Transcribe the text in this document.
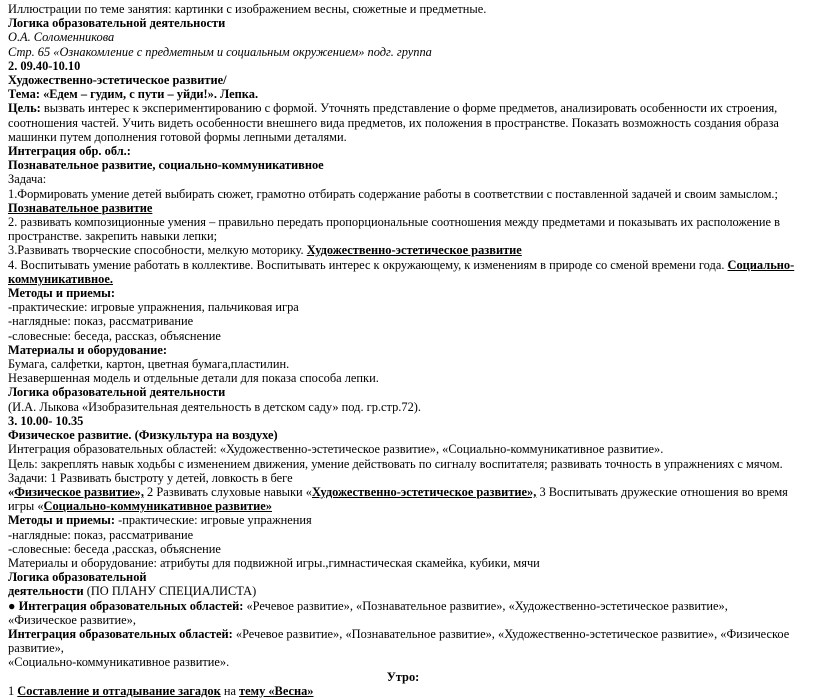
Иллюстрации по теме занятия: картинки с изображением весны, сюжетные и предметные.

Логика образовательной деятельности

О.А. Соломенникова

Стр. 65 «Ознакомление с предметным и социальным окружением» подг. группа

2. 09.40-10.10

Художественно-эстетическое развитие/

Тема: «Едем – гудим, с пути – уйди!». Лепка.

Цель: вызвать интерес к экспериментированию с формой. Уточнять представление о форме предметов, анализировать особенности их строения, соотношения частей. Учить видеть особенности внешнего вида предметов, их положения в пространстве. Показать возможность создания образа машинки путем дополнения готовой формы лепными деталями.

Интеграция обр. обл.:

Познавательное развитие, социально-коммуникативное

Задача:

1.Формировать умение детей выбирать сюжет, грамотно отбирать содержание работы в соответствии с поставленной задачей и своим замыслом.; Познавательное развитие

2. развивать композиционные умения – правильно передать пропорциональные соотношения между предметами и показывать их расположение в пространстве. закрепить навыки лепки;

3.Развивать творческие способности, мелкую моторику. Художественно-эстетическое развитие

4. Воспитывать умение работать в коллективе. Воспитывать интерес к окружающему, к изменениям в природе со сменой времени года. Социально-коммуникативное.

Методы и приемы:

-практические: игровые упражнения, пальчиковая игра

-наглядные: показ, рассматривание

-словесные: беседа, рассказ, объяснение

Материалы и оборудование:

Бумага, салфетки, картон, цветная бумага,пластилин.

Незавершенная модель и отдельные детали для показа способа лепки.

Логика образовательной деятельности

(И.А. Лыкова «Изобразительная деятельность в детском саду» под. гр.стр.72).

3. 10.00- 10.35

Физическое развитие. (Физкультура на воздухе)

Интеграция образовательных областей: «Художественно-эстетическое развитие», «Социально-коммуникативное развитие».

Цель: закреплять навык ходьбы с изменением движения, умение действовать по сигналу воспитателя; развивать точность в упражнениях с мячом.

Задачи: 1 Развивать быстроту у детей, ловкость в беге

«Физическое развитие», 2 Развивать слуховые навыки «Художественно-эстетическое развитие», 3 Воспитывать дружеские отношения во время игры «Социально-коммуникативное развитие»

Методы и приемы: -практические: игровые упражнения

-наглядные: показ, рассматривание

-словесные: беседа ,рассказ, объяснение

Материалы и оборудование: атрибуты для подвижной игры.,гимнастическая скамейка, кубики, мячи

Логика образовательной

деятельности (ПО ПЛАНУ СПЕЦИАЛИСТА)

● Интеграция образовательных областей: «Речевое развитие», «Познавательное развитие», «Художественно-эстетическое развитие», «Физическое развитие»,

Интеграция образовательных областей: «Речевое развитие», «Познавательное развитие», «Художественно-эстетическое развитие», «Физическое развитие»,

«Социально-коммуникативное развитие».

Утро:

1 Составление и отгадывание загадок на тему «Весна»
